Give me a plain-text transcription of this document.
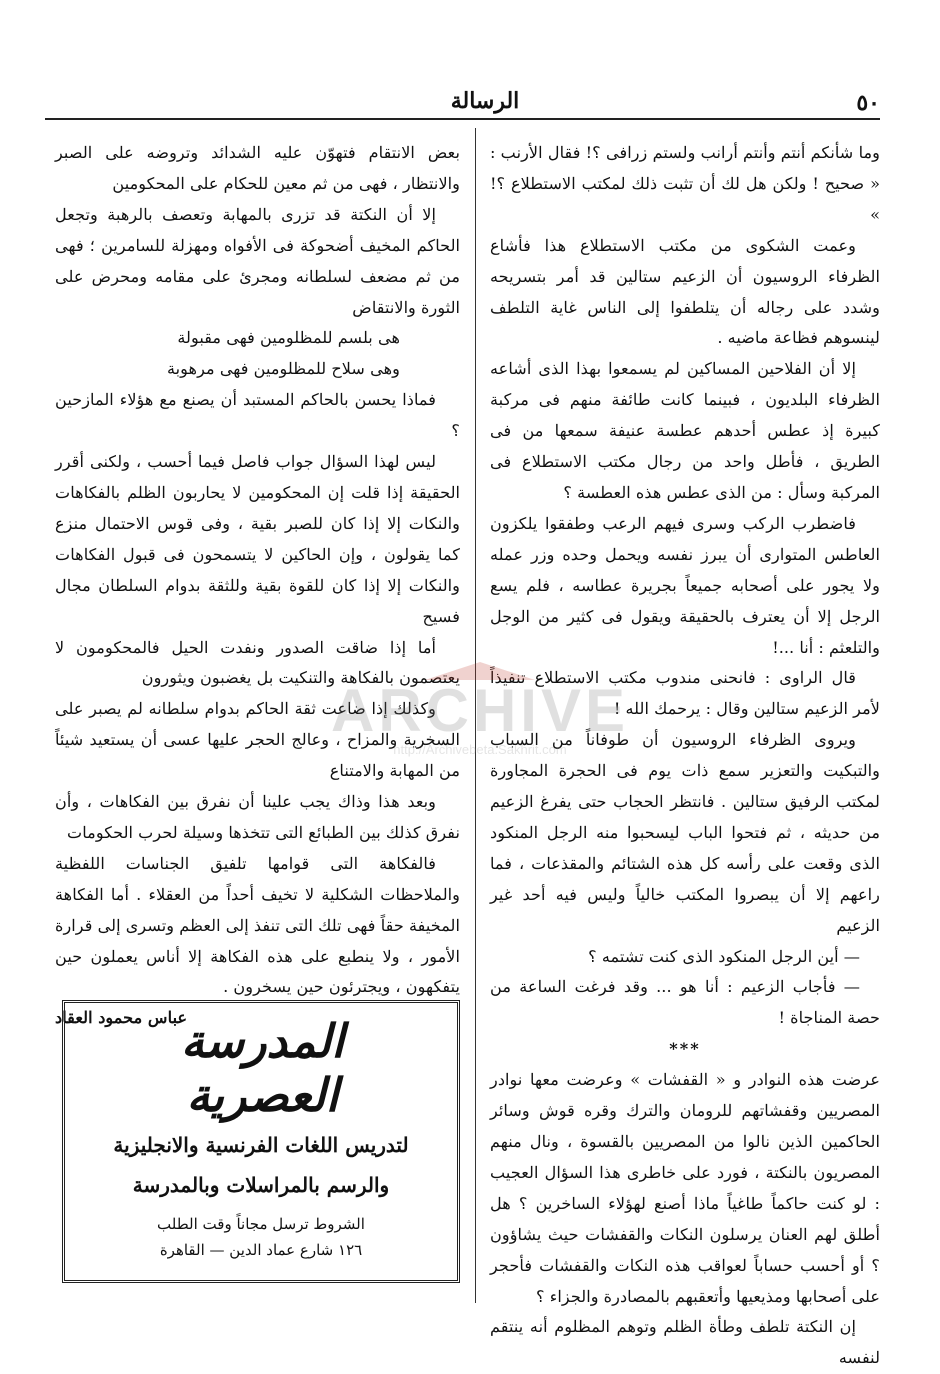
٥٠
الرسالة

وما شأنكم أنتم وأنتم أرانب ولستم زرافى ؟! فقال الأرنب : « صحيح ! ولكن هل لك أن تثبت ذلك لمكتب الاستطلاع ؟! »

وعمت الشكوى من مكتب الاستطلاع هذا فأشاع الظرفاء الروسيون أن الزعيم ستالين قد أمر بتسريحه وشدد على رجاله أن يتلطفوا إلى الناس غاية التلطف لينسوهم فظاعة ماضيه .

إلا أن الفلاحين المساكين لم يسمعوا بهذا الذى أشاعه الظرفاء البلديون ، فبينما كانت طائفة منهم فى مركبة كبيرة إذ عطس أحدهم عطسة عنيفة سمعها من فى الطريق ، فأطل واحد من رجال مكتب الاستطلاع فى المركبة وسأل : من الذى عطس هذه العطسة ؟

فاضطرب الركب وسرى فيهم الرعب وطفقوا يلكزون العاطس المتوارى أن يبرز نفسه ويحمل وحده وزر عمله ولا يجور على أصحابه جميعاً بجريرة عطاسه ، فلم يسع الرجل إلا أن يعترف بالحقيقة ويقول فى كثير من الوجل والتلعثم : أنا ...!

قال الراوى : فانحنى مندوب مكتب الاستطلاع تنفيذاً لأمر الزعيم ستالين وقال : يرحمك الله !

ويروى الظرفاء الروسيون أن طوفاناً من السباب والتبكيت والتعزير سمع ذات يوم فى الحجرة المجاورة لمكتب الرفيق ستالين . فانتظر الحجاب حتى يفرغ الزعيم من حديثه ، ثم فتحوا الباب ليسحبوا منه الرجل المنكود الذى وقعت على رأسه كل هذه الشتائم والمقذعات ، فما راعهم إلا أن يبصروا المكتب خالياً وليس فيه أحد غير الزعيم

— أين الرجل المنكود الذى كنت تشتمه ؟

— فأجاب الزعيم : أنا هو ... وقد فرغت الساعة من حصة المناجاة !

***

عرضت هذه النوادر و « القفشات » وعرضت معها نوادر المصريين وقفشاتهم للرومان والترك وقره قوش وسائر الحاكمين الذين نالوا من المصريين بالقسوة ، ونال منهم المصريون بالنكتة ، فورد على خاطرى هذا السؤال العجيب : لو كنت حاكماً طاغياً ماذا أصنع لهؤلاء الساخرين ؟ هل أطلق لهم العنان يرسلون النكات والقفشات حيث يشاؤون ؟ أو أحسب حساباً لعواقب هذه النكات والقفشات فأحجر على أصحابها ومذيعيها وأتعقبهم بالمصادرة والجزاء ؟

إن النكتة تلطف وطأة الظلم وتوهم المظلوم أنه ينتقم لنفسه

بعض الانتقام فتهوّن عليه الشدائد وتروضه على الصبر والانتظار ، فهى من ثم معين للحكام على المحكومين

إلا أن النكتة قد تزرى بالمهابة وتعصف بالرهبة وتجعل الحاكم المخيف أضحوكة فى الأفواه ومهزلة للسامرين ؛ فهى من ثم مضعف لسلطانه ومجرئ على مقامه ومحرض على الثورة والانتقاض

هى بلسم للمظلومين فهى مقبولة

وهى سلاح للمظلومين فهى مرهوبة

فماذا يحسن بالحاكم المستبد أن يصنع مع هؤلاء المازحين ؟

ليس لهذا السؤال جواب فاصل فيما أحسب ، ولكنى أقرر الحقيقة إذا قلت إن المحكومين لا يحاربون الظلم بالفكاهات والنكات إلا إذا كان للصبر بقية ، وفى قوس الاحتمال منزع كما يقولون ، وإن الحاكين لا يتسمحون فى قبول الفكاهات والنكات إلا إذا كان للقوة بقية وللثقة بدوام السلطان مجال فسيح

أما إذا ضاقت الصدور ونفدت الحيل فالمحكومون لا يعتصمون بالفكاهة والتنكيت بل يغضبون ويثورون

وكذلك إذا ضاعت ثقة الحاكم بدوام سلطانه لم يصبر على السخرية والمزاح ، وعالج الحجر عليها عسى أن يستعيد شيئاً من المهابة والامتناع

وبعد هذا وذاك يجب علينا أن نفرق بين الفكاهات ، وأن نفرق كذلك بين الطبائع التى تتخذها وسيلة لحرب الحكومات

فالفكاهة التى قوامها تلفيق الجناسات اللفظية والملاحظات الشكلية لا تخيف أحداً من العقلاء . أما الفكاهة المخيفة حقاً فهى تلك التى تنفذ إلى العظم وتسرى إلى قرارة الأمور ، ولا ينطبع على هذه الفكاهة إلا أناس يعملون حين يتفكهون ، ويجترئون حين يسخرون .

عباس محمود العقاد

المدرسة العصرية
لتدريس اللغات الفرنسية والانجليزية
والرسم بالمراسلات وبالمدرسة
الشروط ترسل مجاناً وقت الطلب
١٢٦ شارع عماد الدين — القاهرة
ARCHIVE
http://Archivebeta.Sakhrit.com
